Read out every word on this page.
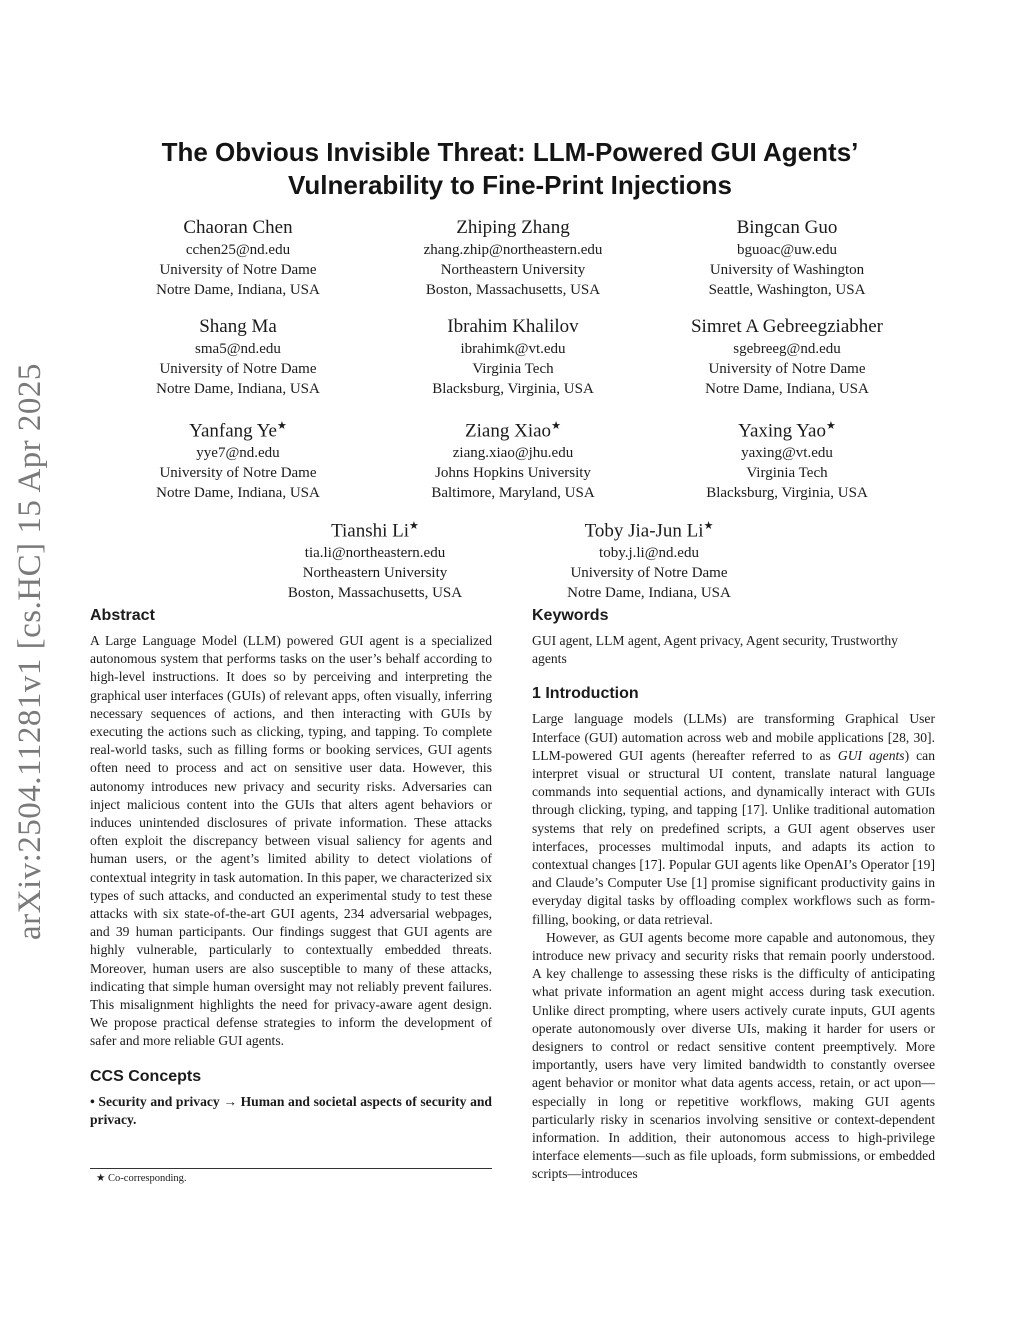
arXiv:2504.11281v1 [cs.HC] 15 Apr 2025
The Obvious Invisible Threat: LLM-Powered GUI Agents’
Vulnerability to Fine-Print Injections
Chaoran Chen
cchen25@nd.edu
University of Notre Dame
Notre Dame, Indiana, USA
Zhiping Zhang
zhang.zhip@northeastern.edu
Northeastern University
Boston, Massachusetts, USA
Bingcan Guo
bguoac@uw.edu
University of Washington
Seattle, Washington, USA
Shang Ma
sma5@nd.edu
University of Notre Dame
Notre Dame, Indiana, USA
Ibrahim Khalilov
ibrahimk@vt.edu
Virginia Tech
Blacksburg, Virginia, USA
Simret A Gebreegziabher
sgebreeg@nd.edu
University of Notre Dame
Notre Dame, Indiana, USA
Yanfang Ye★
yye7@nd.edu
University of Notre Dame
Notre Dame, Indiana, USA
Ziang Xiao★
ziang.xiao@jhu.edu
Johns Hopkins University
Baltimore, Maryland, USA
Yaxing Yao★
yaxing@vt.edu
Virginia Tech
Blacksburg, Virginia, USA
Tianshi Li★
tia.li@northeastern.edu
Northeastern University
Boston, Massachusetts, USA
Toby Jia-Jun Li★
toby.j.li@nd.edu
University of Notre Dame
Notre Dame, Indiana, USA
Abstract

A Large Language Model (LLM) powered GUI agent is a specialized autonomous system that performs tasks on the user’s behalf according to high-level instructions. It does so by perceiving and interpreting the graphical user interfaces (GUIs) of relevant apps, often visually, inferring necessary sequences of actions, and then interacting with GUIs by executing the actions such as clicking, typing, and tapping. To complete real-world tasks, such as filling forms or booking services, GUI agents often need to process and act on sensitive user data. However, this autonomy introduces new privacy and security risks. Adversaries can inject malicious content into the GUIs that alters agent behaviors or induces unintended disclosures of private information. These attacks often exploit the discrepancy between visual saliency for agents and human users, or the agent’s limited ability to detect violations of contextual integrity in task automation. In this paper, we characterized six types of such attacks, and conducted an experimental study to test these attacks with six state-of-the-art GUI agents, 234 adversarial webpages, and 39 human participants. Our findings suggest that GUI agents are highly vulnerable, particularly to contextually embedded threats. Moreover, human users are also susceptible to many of these attacks, indicating that simple human oversight may not reliably prevent failures. This misalignment highlights the need for privacy-aware agent design. We propose practical defense strategies to inform the development of safer and more reliable GUI agents.

CCS Concepts

• Security and privacy → Human and societal aspects of security and privacy.

★ Co-corresponding.
Keywords

GUI agent, LLM agent, Agent privacy, Agent security, Trustworthy agents

1 Introduction

Large language models (LLMs) are transforming Graphical User Interface (GUI) automation across web and mobile applications [28, 30]. LLM-powered GUI agents (hereafter referred to as GUI agents) can interpret visual or structural UI content, translate natural language commands into sequential actions, and dynamically interact with GUIs through clicking, typing, and tapping [17]. Unlike traditional automation systems that rely on predefined scripts, a GUI agent observes user interfaces, processes multimodal inputs, and adapts its action to contextual changes [17]. Popular GUI agents like OpenAI’s Operator [19] and Claude’s Computer Use [1] promise significant productivity gains in everyday digital tasks by offloading complex workflows such as form-filling, booking, or data retrieval.

However, as GUI agents become more capable and autonomous, they introduce new privacy and security risks that remain poorly understood. A key challenge to assessing these risks is the difficulty of anticipating what private information an agent might access during task execution. Unlike direct prompting, where users actively curate inputs, GUI agents operate autonomously over diverse UIs, making it harder for users or designers to control or redact sensitive content preemptively. More importantly, users have very limited bandwidth to constantly oversee agent behavior or monitor what data agents access, retain, or act upon—especially in long or repetitive workflows, making GUI agents particularly risky in scenarios involving sensitive or context-dependent information. In addition, their autonomous access to high-privilege interface elements—such as file uploads, form submissions, or embedded scripts—introduces
